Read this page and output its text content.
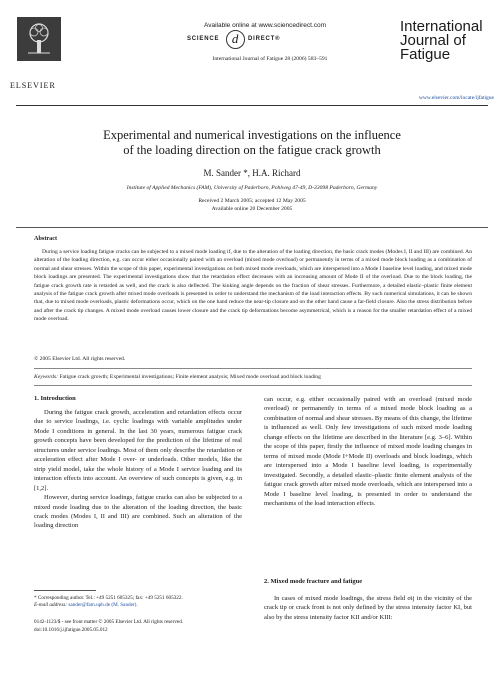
Available online at www.sciencedirect.com
SCIENCE d	DIRECT®
International Journal of Fatigue 28 (2006) 583–591
ELSEVIER
International
Journal of
Fatigue
www.elsevier.com/locate/ijfatigue
Experimental and numerical investigations on the influence
of the loading direction on the fatigue crack growth
M. Sander *, H.A. Richard
Institute of Applied Mechanics (FAM), University of Paderborn, Pohlweg 47-49, D-33098 Paderborn, Germany
Received 2 March 2005; accepted 12 May 2005
Available online 20 December 2005
Abstract
During a service loading fatigue cracks can be subjected to a mixed mode loading if, due to the alteration of the loading direction, the basic crack modes (Modes I, II and III) are combined. An alteration of the loading direction, e.g. can occur either occasionally paired with an overload (mixed mode overload) or permanently in terms of a mixed mode block loading as a combination of normal and shear stresses. Within the scope of this paper, experimental investigations on both mixed mode overloads, which are interspersed into a Mode I baseline level loading, and mixed mode block loadings are presented. The experimental investigations show that the retardation effect decreases with an increasing amount of Mode II of the overload. Due to the block loading, the fatigue crack growth rate is retarded as well, and the crack is also deflected. The kinking angle depends on the fraction of shear stresses. Furthermore, a detailed elastic–plastic finite element analysis of the fatigue crack growth after mixed mode overloads is presented in order to understand the mechanism of the load interaction effects. By such numerical simulations, it can be shown that, due to mixed mode overloads, plastic deformations occur, which on the one hand reduce the near-tip closure and on the other hand cause a far-field closure. Also the stress distribution before and after the crack tip changes. A mixed mode overload causes lower closure and the crack tip deformations become asymmetrical, which is a reason for the smaller retardation effect of a mixed mode overload.
© 2005 Elsevier Ltd. All rights reserved.
Keywords: Fatigue crack growth; Experimental investigations; Finite element analysis; Mixed mode overload and block loading
1. Introduction

During the fatigue crack growth, acceleration and retardation effects occur due to service loadings, i.e. cyclic loadings with variable amplitudes under Mode I conditions in general. In the last 30 years, numerous fatigue crack growth concepts have been developed for the prediction of the lifetime of real structures under service loadings. Most of them only describe the retardation or acceleration effect after Mode I over- or underloads. Other models, like the strip yield model, take the whole history of a Mode I service loading and its interaction effects into account. An overview of such concepts is given, e.g. in [1,2].

However, during service loadings, fatigue cracks can also be subjected to a mixed mode loading due to the alteration of the loading direction, the basic crack modes (Modes I, II and III) are combined. Such an alteration of the loading direction

* Corresponding author. Tel.: +49 5251 605325; fax: +49 5251 605322.
E-mail address: sander@fam.upb.de (M. Sander).
0142-1123/$ - see front matter © 2005 Elsevier Ltd. All rights reserved.
doi:10.1016/j.ijfatigue.2005.05.012

can occur, e.g. either occasionally paired with an overload (mixed mode overload) or permanently in terms of a mixed mode block loading as a combination of normal and shear stresses. By means of this change, the lifetime is influenced as well. Only few investigations of such mixed mode loading change effects on the lifetime are described in the literature [e.g. 3–6]. Within the scope of this paper, firstly the influence of mixed mode loading changes in terms of mixed mode (Mode I+Mode II) overloads and block loadings, which are interspersed into a Mode I baseline level loading, is experimentally investigated. Secondly, a detailed elastic–plastic finite element analysis of the fatigue crack growth after mixed mode overloads, which are interspersed into a Mode I baseline level loading, is presented in order to understand the mechanisms of the load interaction effects.

2. Mixed mode fracture and fatigue

In cases of mixed mode loadings, the stress field σij in the vicinity of the crack tip or crack front is not only defined by the stress intensity factor KI, but also by the stress intensity factor KII and/or KIII:
